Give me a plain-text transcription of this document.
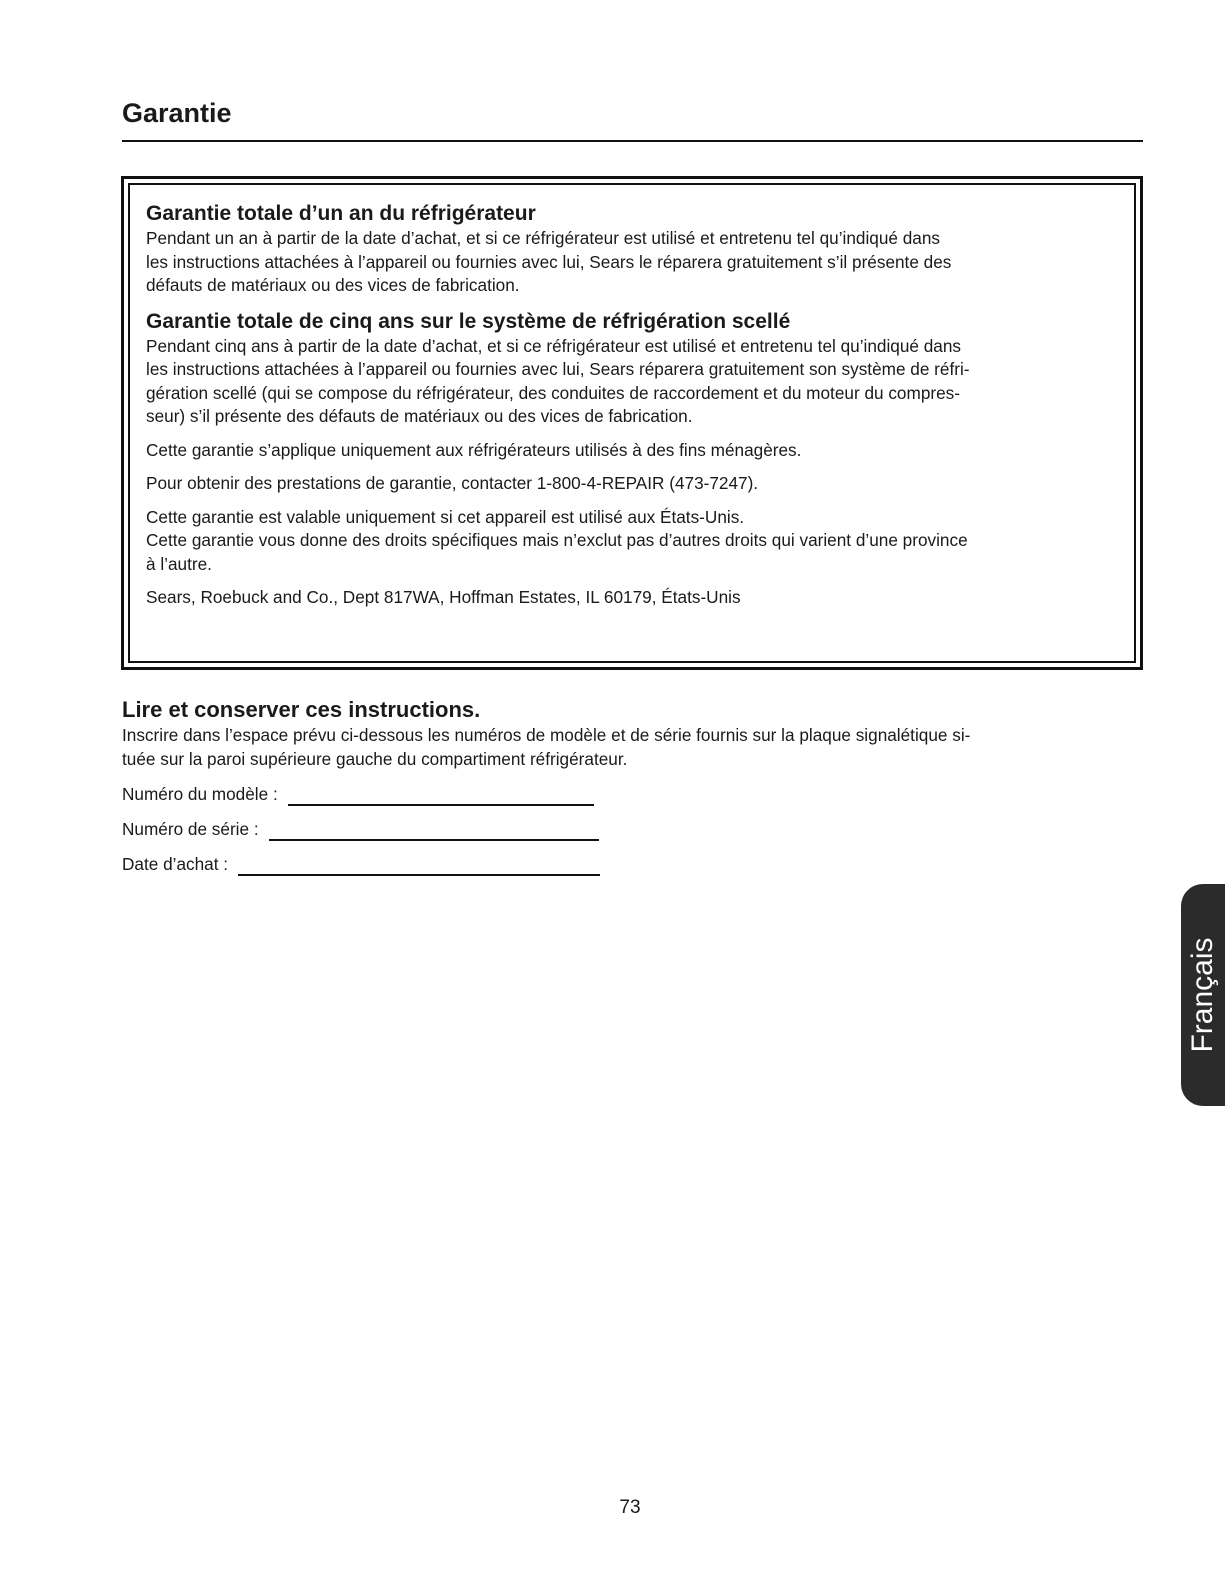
Garantie
Garantie totale d’un an du réfrigérateur

Pendant un an à partir de la date d’achat, et si ce réfrigérateur est utilisé et entretenu tel qu’indiqué dans
les instructions attachées à l’appareil ou fournies avec lui, Sears le réparera gratuitement s’il présente des
défauts de matériaux ou des vices de fabrication.

Garantie totale de cinq ans sur le système de réfrigération scellé

Pendant cinq ans à partir de la date d’achat, et si ce réfrigérateur est utilisé et entretenu tel qu’indiqué dans
les instructions attachées à l’appareil ou fournies avec lui, Sears réparera gratuitement son système de réfri-
gération scellé (qui se compose du réfrigérateur, des conduites de raccordement et du moteur du compres-
seur) s’il présente des défauts de matériaux ou des vices de fabrication.

Cette garantie s’applique uniquement aux réfrigérateurs utilisés à des fins ménagères.

Pour obtenir des prestations de garantie, contacter 1-800-4-REPAIR (473-7247).

Cette garantie est valable uniquement si cet appareil est utilisé aux États-Unis.

Cette garantie vous donne des droits spécifiques mais n’exclut pas d’autres droits qui varient d’une province
à l’autre.

Sears, Roebuck and Co., Dept 817WA, Hoffman Estates, IL 60179, États-Unis

Lire et conserver ces instructions.

Inscrire dans l’espace prévu ci-dessous les numéros de modèle et de série fournis sur la plaque signalétique si-
tuée sur la paroi supérieure gauche du compartiment réfrigérateur.

Numéro du modèle :
Numéro de série :
Date d’achat :
Français
73
